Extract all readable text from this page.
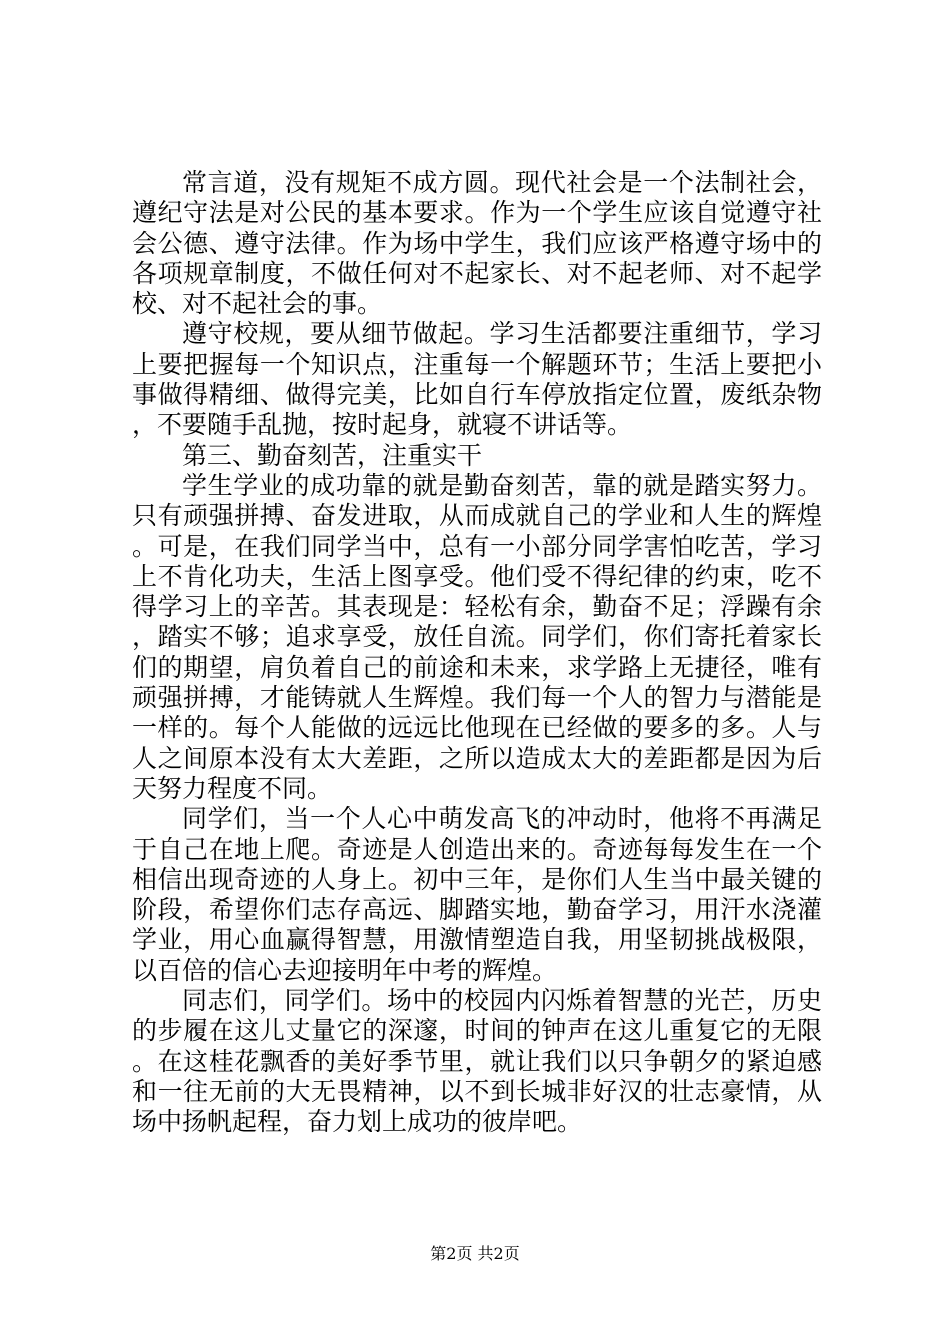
常言道，没有规矩不成方圆。现代社会是一个法制社会，遵纪守法是对公民的基本要求。作为一个学生应该自觉遵守社会公德、遵守法律。作为场中学生，我们应该严格遵守场中的各项规章制度，不做任何对不起家长、对不起老师、对不起学校、对不起社会的事。

遵守校规，要从细节做起。学习生活都要注重细节，学习上要把握每一个知识点，注重每一个解题环节；生活上要把小事做得精细、做得完美，比如自行车停放指定位置，废纸杂物，不要随手乱抛，按时起身，就寝不讲话等。

第三、勤奋刻苦，注重实干

学生学业的成功靠的就是勤奋刻苦，靠的就是踏实努力。只有顽强拼搏、奋发进取，从而成就自己的学业和人生的辉煌。可是，在我们同学当中，总有一小部分同学害怕吃苦，学习上不肯化功夫，生活上图享受。他们受不得纪律的约束，吃不得学习上的辛苦。其表现是：轻松有余，勤奋不足；浮躁有余，踏实不够；追求享受，放任自流。同学们，你们寄托着家长们的期望，肩负着自己的前途和未来，求学路上无捷径，唯有顽强拼搏，才能铸就人生辉煌。我们每一个人的智力与潜能是一样的。每个人能做的远远比他现在已经做的要多的多。人与人之间原本没有太大差距，之所以造成太大的差距都是因为后天努力程度不同。

同学们，当一个人心中萌发高飞的冲动时，他将不再满足于自己在地上爬。奇迹是人创造出来的。奇迹每每发生在一个相信出现奇迹的人身上。初中三年，是你们人生当中最关键的阶段，希望你们志存高远、脚踏实地，勤奋学习，用汗水浇灌学业，用心血赢得智慧，用激情塑造自我，用坚韧挑战极限，以百倍的信心去迎接明年中考的辉煌。

同志们，同学们。场中的校园内闪烁着智慧的光芒，历史的步履在这儿丈量它的深邃，时间的钟声在这儿重复它的无限。在这桂花飘香的美好季节里，就让我们以只争朝夕的紧迫感和一往无前的大无畏精神，以不到长城非好汉的壮志豪情，从场中扬帆起程，奋力划上成功的彼岸吧。

第2页 共2页
